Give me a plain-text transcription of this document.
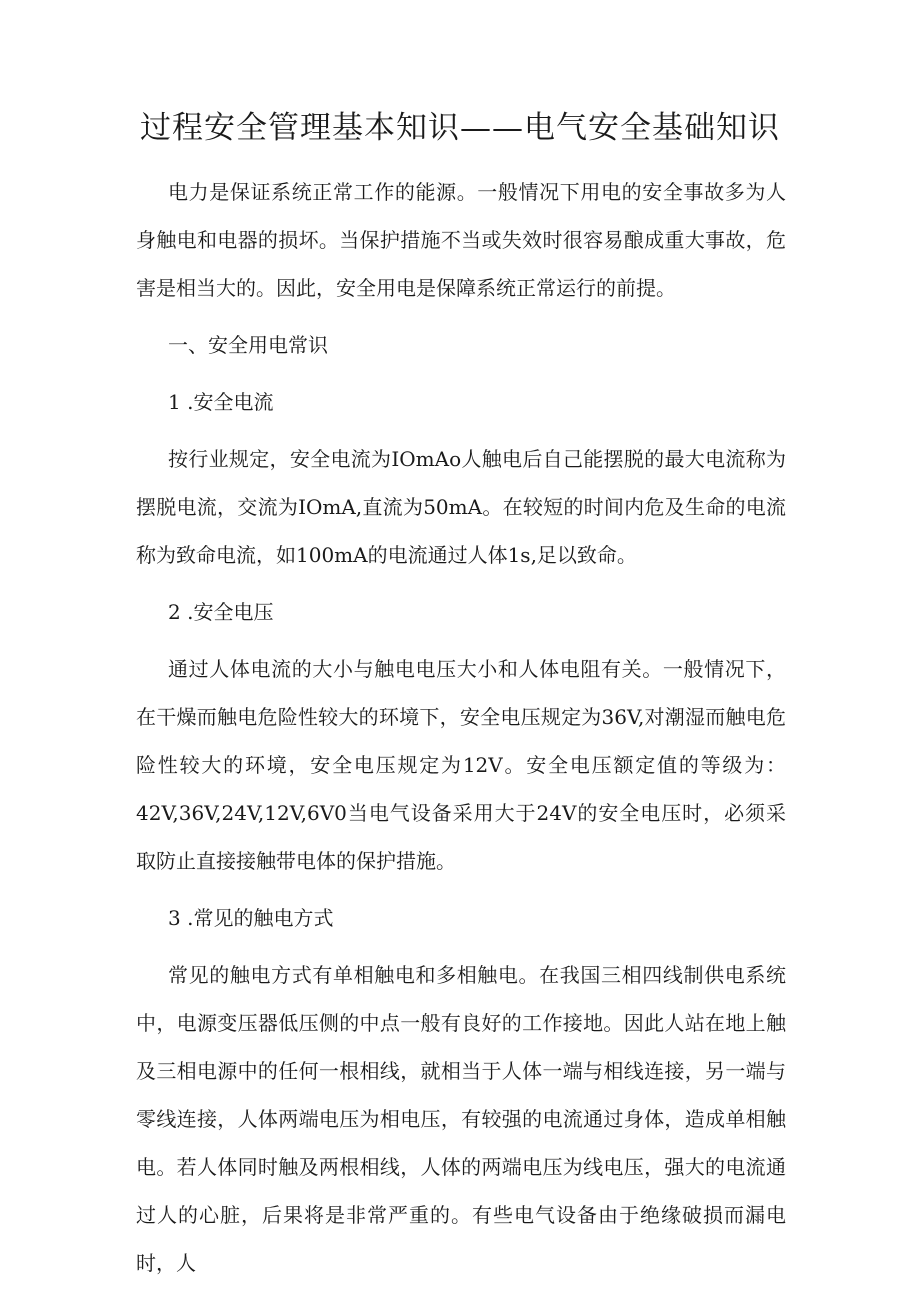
过程安全管理基本知识——电气安全基础知识

电力是保证系统正常工作的能源。一般情况下用电的安全事故多为人身触电和电器的损坏。当保护措施不当或失效时很容易酿成重大事故，危害是相当大的。因此，安全用电是保障系统正常运行的前提。

一、安全用电常识

1 .安全电流

按行业规定，安全电流为IOmAo人触电后自己能摆脱的最大电流称为摆脱电流，交流为IOmA,直流为50mA。在较短的时间内危及生命的电流称为致命电流，如100mA的电流通过人体1s,足以致命。

2 .安全电压

通过人体电流的大小与触电电压大小和人体电阻有关。一般情况下，在干燥而触电危险性较大的环境下，安全电压规定为36V,对潮湿而触电危险性较大的环境，安全电压规定为12V。安全电压额定值的等级为：42V,36V,24V,12V,6V0当电气设备采用大于24V的安全电压时，必须采取防止直接接触带电体的保护措施。

3 .常见的触电方式

常见的触电方式有单相触电和多相触电。在我国三相四线制供电系统中，电源变压器低压侧的中点一般有良好的工作接地。因此人站在地上触及三相电源中的任何一根相线，就相当于人体一端与相线连接，另一端与零线连接，人体两端电压为相电压，有较强的电流通过身体，造成单相触电。若人体同时触及两根相线，人体的两端电压为线电压，强大的电流通过人的心脏，后果将是非常严重的。有些电气设备由于绝缘破损而漏电时，人
